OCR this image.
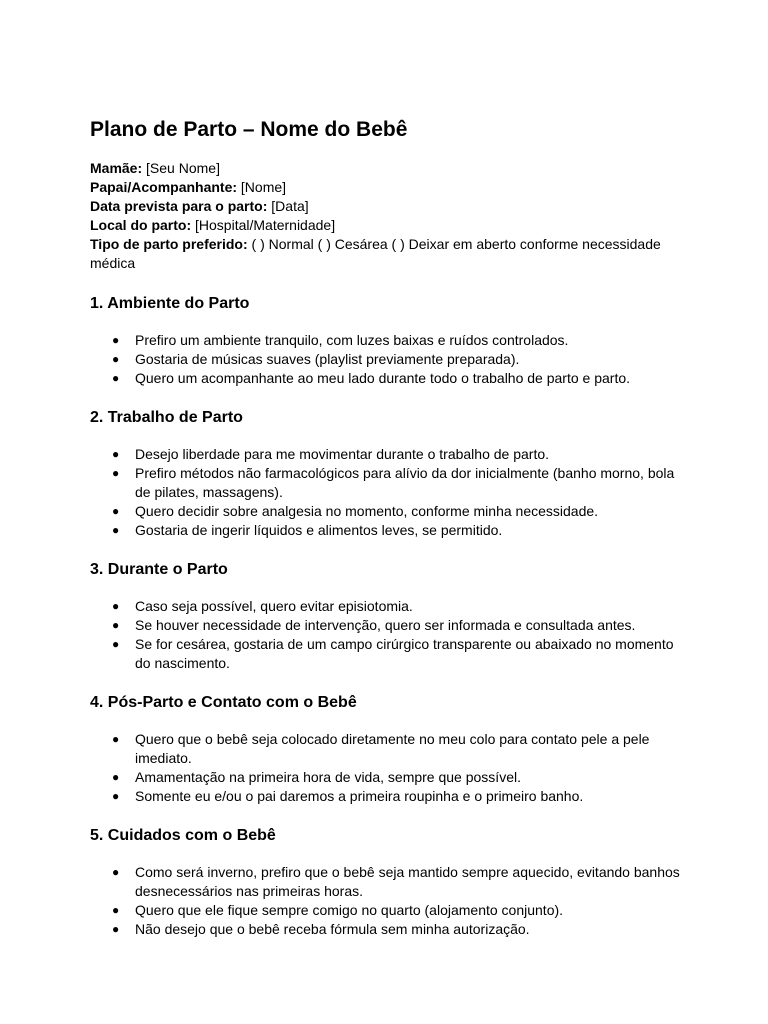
Plano de Parto – Nome do Bebê

Mamãe: [Seu Nome]
Papai/Acompanhante: [Nome]
Data prevista para o parto: [Data]
Local do parto: [Hospital/Maternidade]
Tipo de parto preferido: ( ) Normal ( ) Cesárea ( ) Deixar em aberto conforme necessidade médica

1. Ambiente do Parto
● Prefiro um ambiente tranquilo, com luzes baixas e ruídos controlados.
● Gostaria de músicas suaves (playlist previamente preparada).
● Quero um acompanhante ao meu lado durante todo o trabalho de parto e parto.
2. Trabalho de Parto
● Desejo liberdade para me movimentar durante o trabalho de parto.
● Prefiro métodos não farmacológicos para alívio da dor inicialmente (banho morno, bola de pilates, massagens).
● Quero decidir sobre analgesia no momento, conforme minha necessidade.
● Gostaria de ingerir líquidos e alimentos leves, se permitido.
3. Durante o Parto
● Caso seja possível, quero evitar episiotomia.
● Se houver necessidade de intervenção, quero ser informada e consultada antes.
● Se for cesárea, gostaria de um campo cirúrgico transparente ou abaixado no momento do nascimento.
4. Pós-Parto e Contato com o Bebê
● Quero que o bebê seja colocado diretamente no meu colo para contato pele a pele imediato.
● Amamentação na primeira hora de vida, sempre que possível.
● Somente eu e/ou o pai daremos a primeira roupinha e o primeiro banho.
5. Cuidados com o Bebê
● Como será inverno, prefiro que o bebê seja mantido sempre aquecido, evitando banhos desnecessários nas primeiras horas.
● Quero que ele fique sempre comigo no quarto (alojamento conjunto).
● Não desejo que o bebê receba fórmula sem minha autorização.
